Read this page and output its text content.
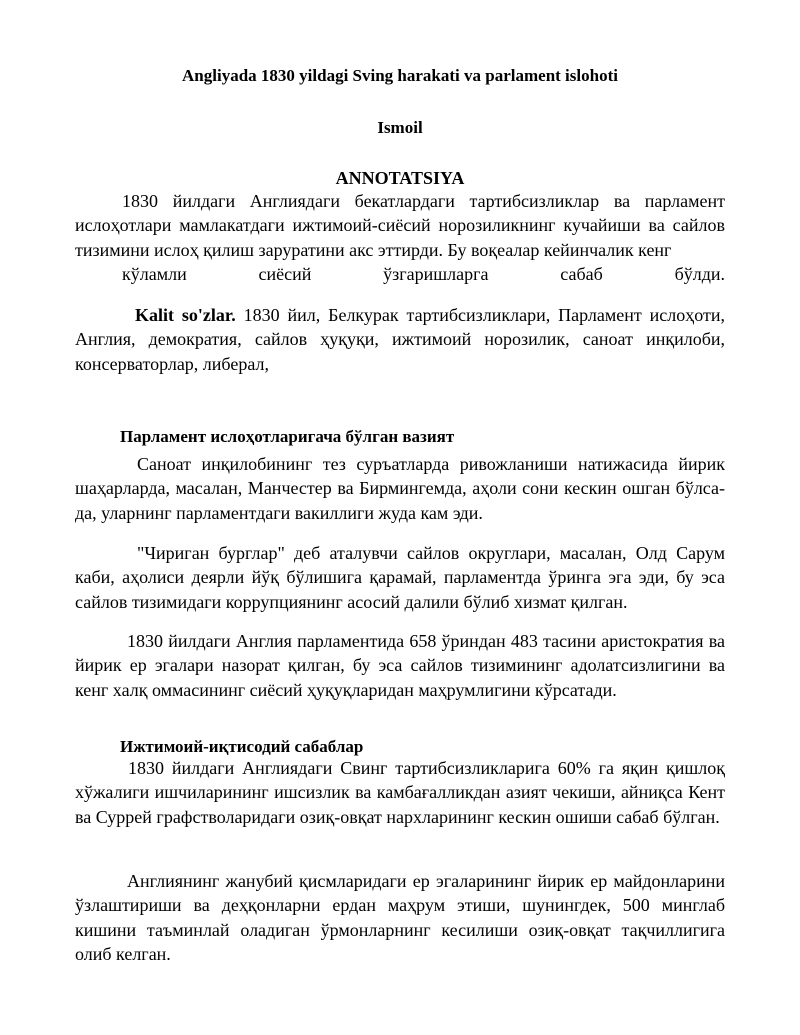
Angliyada 1830 yildagi Sving harakati va parlament islohoti
Ismoil
ANNOTATSIYA

1830 йилдаги Англиядаги бекатлардаги тартибсизликлар ва парламент ислоҳотлари мамлакатдаги ижтимоий-сиёсий норозиликнинг кучайиши ва сайлов тизимини ислоҳ қилиш заруратини акс эттирди. Бу воқеалар кейинчалик кенг
кўламли сиёсий ўзгаришларга сабаб бўлди.

Kalit so'zlar. 1830 йил, Белкурак тартибсизликлари, Парламент ислоҳоти, Англия, демократия, сайлов ҳуқуқи, ижтимоий норозилик, саноат инқилоби, консерваторлар, либерал,

Парламент ислоҳотларигача бўлган вазият

Саноат инқилобининг тез суръатларда ривожланиши натижасида йирик шаҳарларда, масалан, Манчестер ва Бирмингемда, аҳоли сони кескин ошган бўлса-да, уларнинг парламентдаги вакиллиги жуда кам эди.

"Чириган бурглар" деб аталувчи сайлов округлари, масалан, Олд Сарум каби, аҳолиси деярли йўқ бўлишига қарамай, парламентда ўринга эга эди, бу эса сайлов тизимидаги коррупциянинг асосий далили бўлиб хизмат қилган.

1830 йилдаги Англия парламентида 658 ўриндан 483 тасини аристократия ва йирик ер эгалари назорат қилган, бу эса сайлов тизимининг адолатсизлигини ва кенг халқ оммасининг сиёсий ҳуқуқларидан маҳрумлигини кўрсатади.

Ижтимоий-иқтисодий сабаблар

1830 йилдаги Англиядаги Свинг тартибсизликларига 60% га яқин қишлоқ хўжалиги ишчиларининг ишсизлик ва камбағалликдан азият чекиши, айниқса Кент ва Суррей графстволаридаги озиқ-овқат нархларининг кескин ошиши сабаб бўлган.

Англиянинг жанубий қисмларидаги ер эгаларининг йирик ер майдонларини ўзлаштириши ва деҳқонларни ердан маҳрум этиши, шунингдек, 500 минглаб кишини таъминлай оладиган ўрмонларнинг кесилиши озиқ-овқат тақчиллигига олиб келган.
